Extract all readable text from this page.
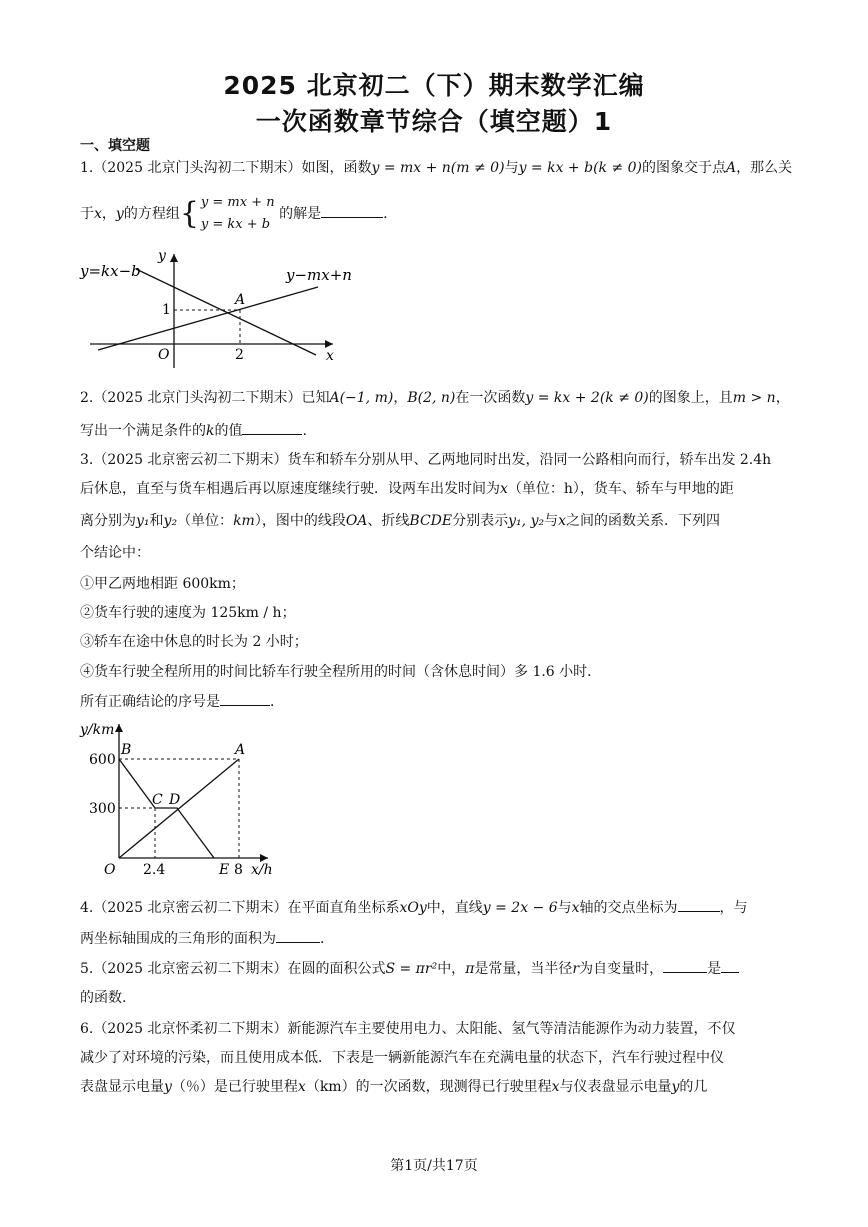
2025 北京初二（下）期末数学汇编
一次函数章节综合（填空题）1
一、填空题
1.（2025 北京门头沟初二下期末）如图，函数y = mx + n(m ≠ 0)与y = kx + b(k ≠ 0)的图象交于点A，那么关
于x，y的方程组{ y = mx + n
y = kx + b 的解是	.
y=kx−b	y−mx+n
y
x
O
A
1
2
2.（2025 北京门头沟初二下期末）已知A(−1, m)，B(2, n)在一次函数y = kx + 2(k ≠ 0)的图象上，且m > n，
写出一个满足条件的k的值	.
3.（2025 北京密云初二下期末）货车和轿车分别从甲、乙两地同时出发，沿同一公路相向而行，轿车出发 2.4h
后休息，直至与货车相遇后再以原速度继续行驶．设两车出发时间为x（单位：h），货车、轿车与甲地的距
离分别为y₁和y₂（单位：km），图中的线段OA、折线BCDE分别表示y₁, y₂与x之间的函数关系．下列四
个结论中：
①甲乙两地相距 600km；
②货车行驶的速度为 125km / h；
③轿车在途中休息的时长为 2 小时；
④货车行驶全程所用的时间比轿车行驶全程所用的时间（含休息时间）多 1.6 小时．
所有正确结论的序号是	．
y/km
x/h
O
B	A
C D
E
600
300
2.4	8
4.（2025 北京密云初二下期末）在平面直角坐标系xOy中，直线y = 2x − 6与x轴的交点坐标为	，与
两坐标轴围成的三角形的面积为	．
5.（2025 北京密云初二下期末）在圆的面积公式S = πr²中，π是常量，当半径r为自变量时，	是
的函数.
6.（2025 北京怀柔初二下期末）新能源汽车主要使用电力、太阳能、氢气等清洁能源作为动力装置，不仅
减少了对环境的污染，而且使用成本低．下表是一辆新能源汽车在充满电量的状态下，汽车行驶过程中仪
表盘显示电量y（％）是已行驶里程x（km）的一次函数，现测得已行驶里程x与仪表盘显示电量y的几
第1页/共17页
